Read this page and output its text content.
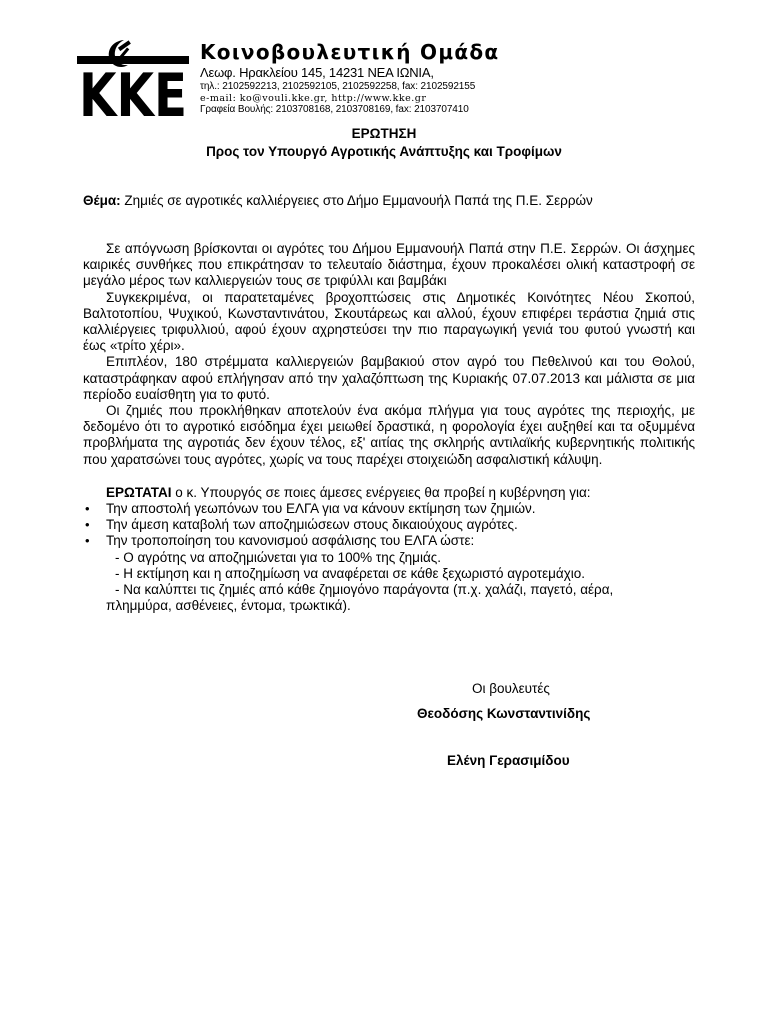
KKE
Κοινοβουλευτική Ομάδα
Λεωφ. Ηρακλείου 145, 14231 ΝΕΑ ΙΩΝΙΑ,
τηλ.: 2102592213, 2102592105, 2102592258, fax: 2102592155
e-mail: ko@vouli.kke.gr, http://www.kke.gr
Γραφεία Βουλής: 2103708168, 2103708169, fax: 2103707410
ΕΡΩΤΗΣΗ
Προς τον Υπουργό Αγροτικής Ανάπτυξης και Τροφίμων
Θέμα: Ζημιές σε αγροτικές καλλιέργειες στο Δήμο Εμμανουήλ Παπά της Π.Ε. Σερρών

Σε απόγνωση βρίσκονται οι αγρότες του Δήμου Εμμανουήλ Παπά στην Π.Ε. Σερρών. Οι άσχημες καιρικές συνθήκες που επικράτησαν το τελευταίο διάστημα, έχουν προκαλέσει ολική καταστροφή σε μεγάλο μέρος των καλλιεργειών τους σε τριφύλλι και βαμβάκι

Συγκεκριμένα, οι παρατεταμένες βροχοπτώσεις στις Δημοτικές Κοινότητες Νέου Σκοπού, Βαλτοτοπίου, Ψυχικού, Κωνσταντινάτου, Σκουτάρεως και αλλού, έχουν επιφέρει τεράστια ζημιά στις καλλιέργειες τριφυλλιού, αφού έχουν αχρηστεύσει την πιο παραγωγική γενιά του φυτού γνωστή και έως «τρίτο χέρι».

Επιπλέον, 180 στρέμματα καλλιεργειών βαμβακιού στον αγρό του Πεθελινού και του Θολού, καταστράφηκαν αφού επλήγησαν από την χαλαζόπτωση της Κυριακής 07.07.2013 και μάλιστα σε μια περίοδο ευαίσθητη για το φυτό.

Οι ζημιές που προκλήθηκαν αποτελούν ένα ακόμα πλήγμα για τους αγρότες της περιοχής, με δεδομένο ότι το αγροτικό εισόδημα έχει μειωθεί δραστικά, η φορολογία έχει αυξηθεί και τα οξυμμένα προβλήματα της αγροτιάς δεν έχουν τέλος, εξ' αιτίας της σκληρής αντιλαϊκής κυβερνητικής πολιτικής που χαρατσώνει τους αγρότες, χωρίς να τους παρέχει στοιχειώδη ασφαλιστική κάλυψη.

ΕΡΩΤΑΤΑΙ ο κ. Υπουργός σε ποιες άμεσες ενέργειες θα προβεί η κυβέρνηση για:

• Την αποστολή γεωπόνων του ΕΛΓΑ για να κάνουν εκτίμηση των ζημιών.
• Την άμεση καταβολή των αποζημιώσεων στους δικαιούχους αγρότες.
• Την τροποποίηση του κανονισμού ασφάλισης του ΕΛΓΑ ώστε:
- Ο αγρότης να αποζημιώνεται για το 100% της ζημιάς.
- Η εκτίμηση και η αποζημίωση να αναφέρεται σε κάθε ξεχωριστό αγροτεμάχιο.
- Να καλύπτει τις ζημιές από κάθε ζημιογόνο παράγοντα (π.χ. χαλάζι, παγετό, αέρα,
πλημμύρα, ασθένειες, έντομα, τρωκτικά).
Οι βουλευτές
Θεοδόσης Κωνσταντινίδης
Ελένη Γερασιμίδου
